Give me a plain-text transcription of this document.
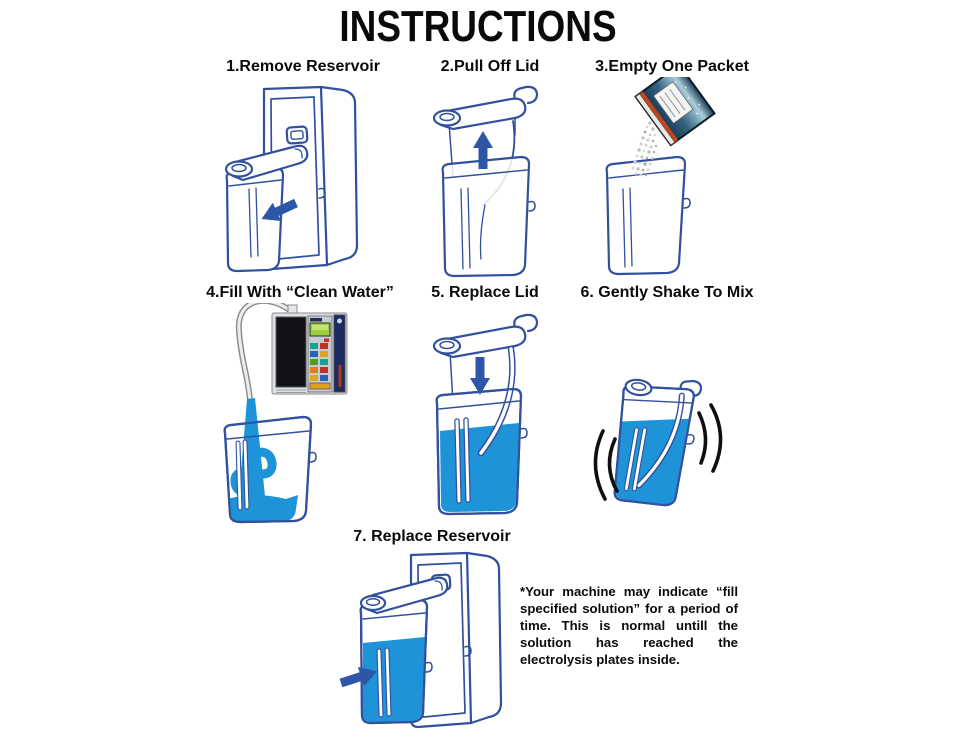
INSTRUCTIONS
1.Remove Reservoir	2.Pull Off Lid	3.Empty One Packet
4.Fill With “Clean Water” 5. Replace Lid	6. Gently Shake To Mix
7. Replace Reservoir

*Your machine may indicate “fill specified solution” for a period of time. This is normal untill the solution has reached the electrolysis plates inside.
